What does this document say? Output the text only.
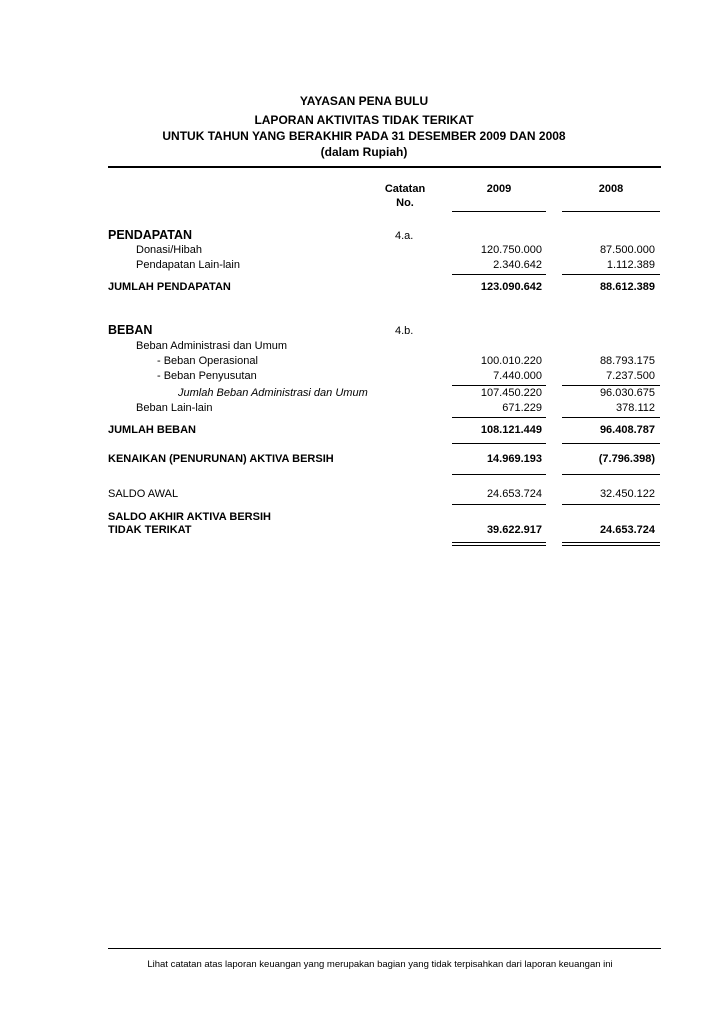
YAYASAN PENA BULU
LAPORAN AKTIVITAS TIDAK TERIKAT
UNTUK TAHUN YANG BERAKHIR PADA 31 DESEMBER 2009 DAN 2008
(dalam Rupiah)
Catatan
No.
2009	2008
PENDAPATAN	4.a.
Donasi/Hibah	120.750.000	87.500.000
Pendapatan Lain-lain	2.340.642	1.112.389
JUMLAH PENDAPATAN	123.090.642	88.612.389
BEBAN	4.b.
Beban Administrasi dan Umum
- Beban Operasional	100.010.220	88.793.175
- Beban Penyusutan	7.440.000	7.237.500
Jumlah Beban Administrasi dan Umum	107.450.220	96.030.675
Beban Lain-lain	671.229	378.112
JUMLAH BEBAN	108.121.449	96.408.787
KENAIKAN (PENURUNAN) AKTIVA BERSIH	14.969.193	(7.796.398)
SALDO AWAL	24.653.724	32.450.122
SALDO AKHIR AKTIVA BERSIH
TIDAK TERIKAT	39.622.917	24.653.724
Lihat catatan atas laporan keuangan yang merupakan bagian yang tidak terpisahkan dari laporan keuangan ini
